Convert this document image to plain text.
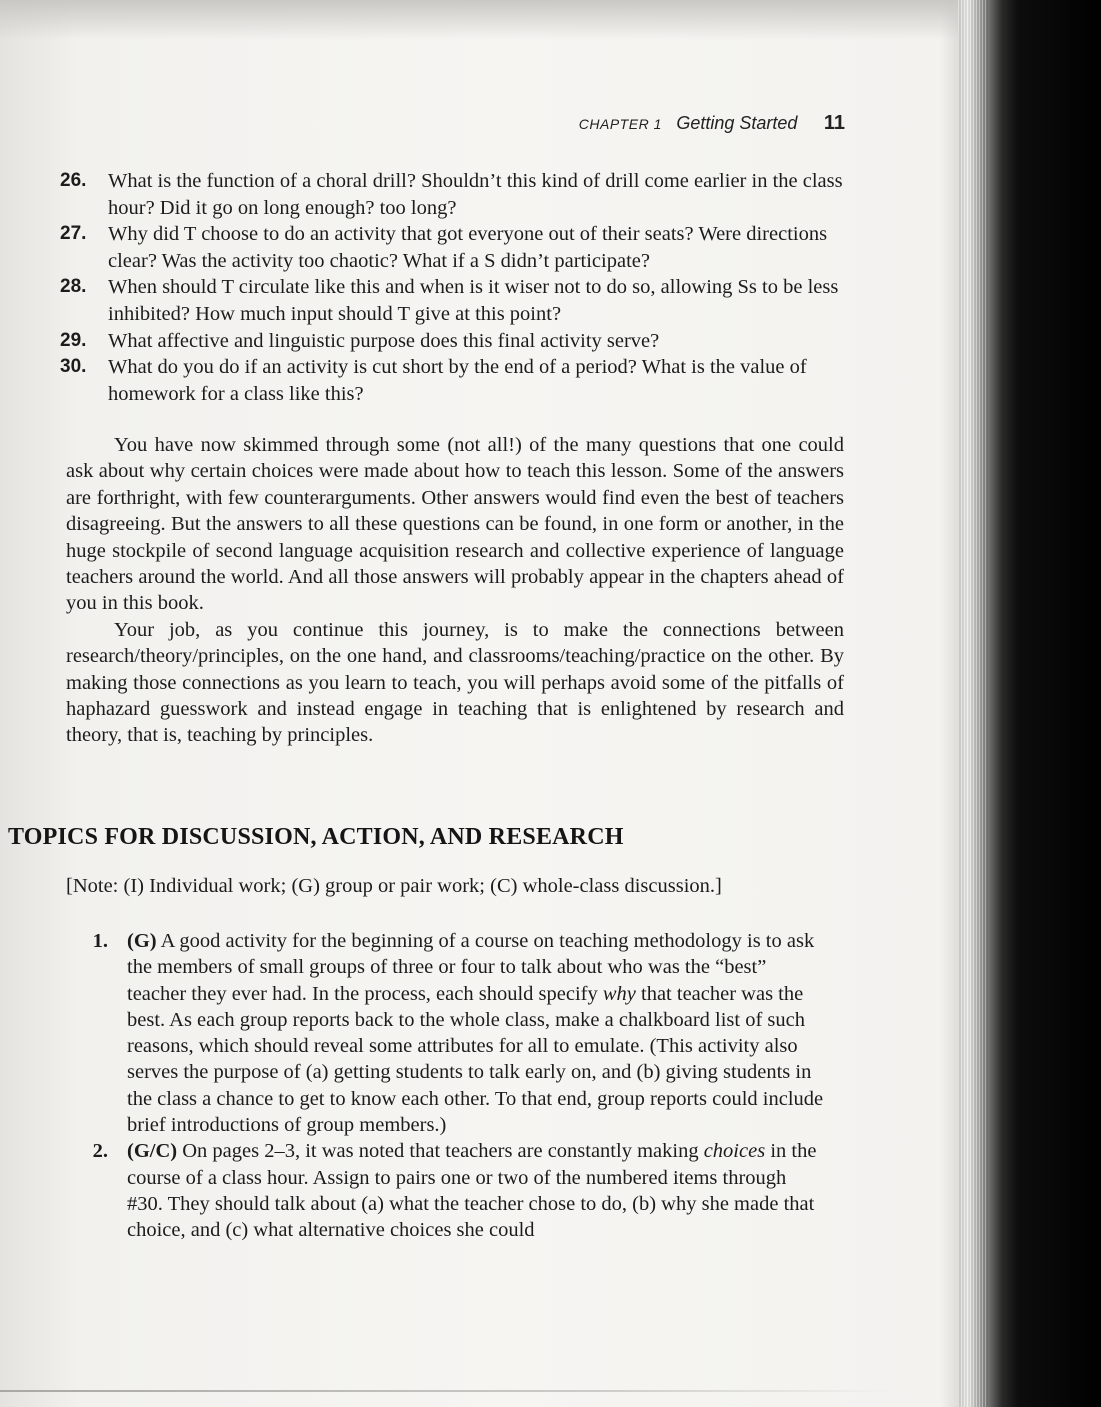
CHAPTER 1 Getting Started 11
26.	What is the function of a choral drill? Shouldn’t this kind of drill come earlier in the class hour? Did it go on long enough? too long?
27.	Why did T choose to do an activity that got everyone out of their seats? Were directions clear? Was the activity too chaotic? What if a S didn’t participate?
28.	When should T circulate like this and when is it wiser not to do so, allowing Ss to be less inhibited? How much input should T give at this point?
29.	What affective and linguistic purpose does this final activity serve?
30.	What do you do if an activity is cut short by the end of a period? What is the value of homework for a class like this?

You have now skimmed through some (not all!) of the many questions that one could ask about why certain choices were made about how to teach this lesson. Some of the answers are forthright, with few counterarguments. Other answers would find even the best of teachers disagreeing. But the answers to all these questions can be found, in one form or another, in the huge stockpile of second language acquisition research and collective experience of language teachers around the world. And all those answers will probably appear in the chapters ahead of you in this book.

Your job, as you continue this journey, is to make the connections between research/theory/principles, on the one hand, and classrooms/teaching/practice on the other. By making those connections as you learn to teach, you will perhaps avoid some of the pitfalls of haphazard guesswork and instead engage in teaching that is enlightened by research and theory, that is, teaching by principles.

TOPICS FOR DISCUSSION, ACTION, AND RESEARCH
[Note: (I) Individual work; (G) group or pair work; (C) whole-class discussion.]
1. (G) A good activity for the beginning of a course on teaching methodology is to ask the members of small groups of three or four to talk about who was the “best” teacher they ever had. In the process, each should specify why that teacher was the best. As each group reports back to the whole class, make a chalkboard list of such reasons, which should reveal some attributes for all to emulate. (This activity also serves the purpose of (a) getting students to talk early on, and (b) giving students in the class a chance to get to know each other. To that end, group reports could include brief introductions of group members.)
2. (G/C) On pages 2–3, it was noted that teachers are constantly making choices in the course of a class hour. Assign to pairs one or two of the numbered items through #30. They should talk about (a) what the teacher chose to do, (b) why she made that choice, and (c) what alternative choices she could
